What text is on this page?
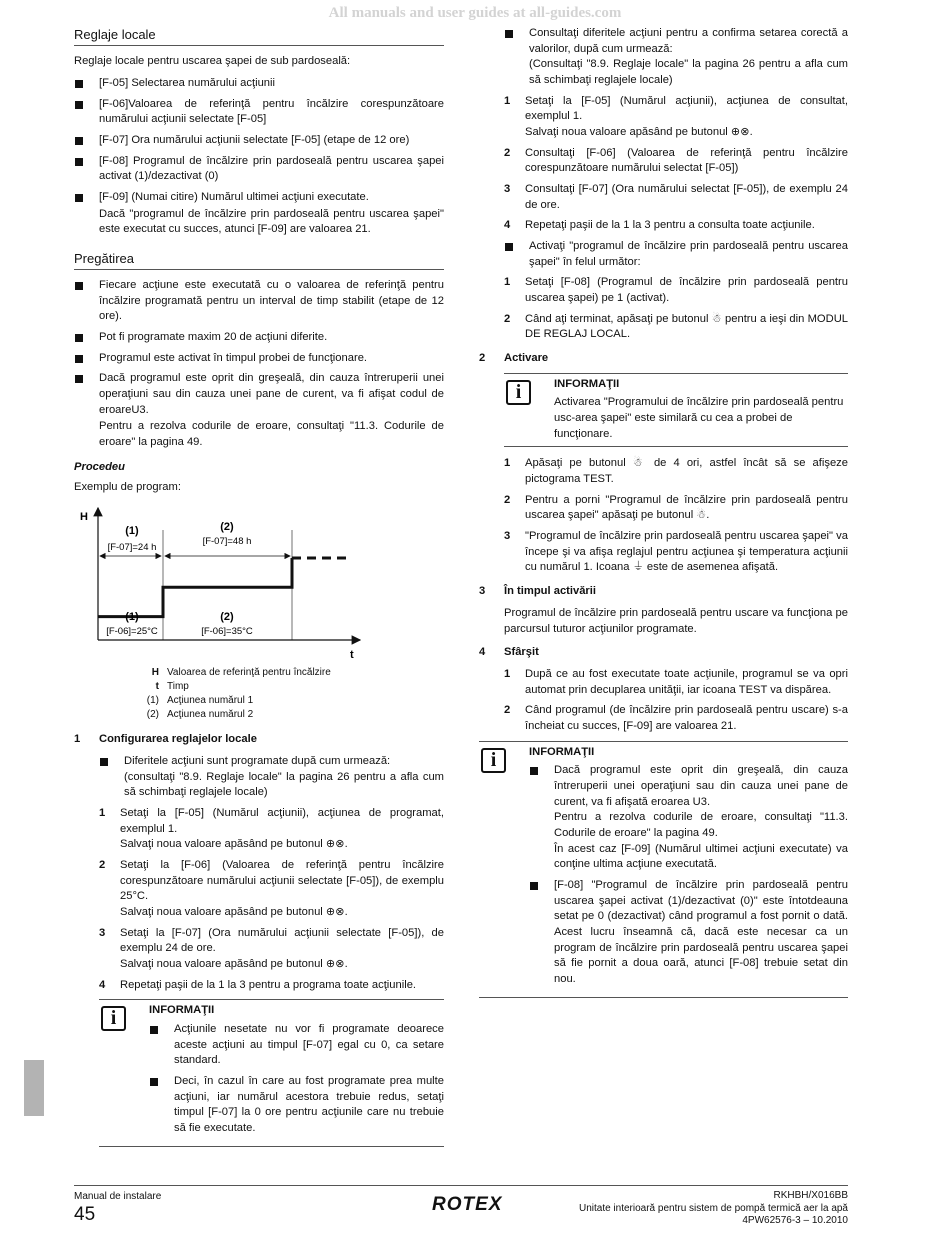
All manuals and user guides at all-guides.com
Reglaje locale
Reglaje locale pentru uscarea şapei de sub pardoseală:
[F-05] Selectarea numărului acţiunii
[F-06]Valoarea de referinţă pentru încălzire corespunzătoare numărului acţiunii selectate [F-05]
[F-07] Ora numărului acţiunii selectate [F-05] (etape de 12 ore)
[F-08] Programul de încălzire prin pardoseală pentru uscarea şapei activat (1)/dezactivat (0)
[F-09] (Numai citire) Numărul ultimei acţiuni executate.
Dacă "programul de încălzire prin pardoseală pentru uscarea şapei" este executat cu succes, atunci [F-09] are valoarea 21.
Pregătirea
Fiecare acţiune este executată cu o valoarea de referinţă pentru încălzire programată pentru un interval de timp stabilit (etape de 12 ore).
Pot fi programate maxim 20 de acţiuni diferite.
Programul este activat în timpul probei de funcţionare.
Dacă programul este oprit din greşeală, din cauza întreruperii unei operaţiuni sau din cauza unei pane de curent, va fi afişat codul de eroareU3.
Pentru a rezolva codurile de eroare, consultaţi "11.3. Codurile de eroare" la pagina 49.
Procedeu
Exemplu de program:
H
t
(1)
[F-07]=24 h
(2)
[F-07]=48 h
(1)
[F-06]=25°C
(2)
[F-06]=35°C
H Valoarea de referinţă pentru încălzire
t Timp
(1) Acţiunea numărul 1
(2) Acţiunea numărul 2
1 Configurarea reglajelor locale
Diferitele acţiuni sunt programate după cum urmează:
(consultaţi "8.9. Reglaje locale" la pagina 26 pentru a afla cum să schimbaţi reglajele locale)
1 Setaţi la [F-05] (Numărul acţiunii), acţiunea de programat, exemplul 1.
Salvaţi noua valoare apăsând pe butonul ⊕⊗.
2 Setaţi la [F-06] (Valoarea de referinţă pentru încălzire corespunzătoare numărului acţiunii selectate [F-05]), de exemplu 25°C.
Salvaţi noua valoare apăsând pe butonul ⊕⊗.
3 Setaţi la [F-07] (Ora numărului acţiunii selectate [F-05]), de exemplu 24 de ore.
Salvaţi noua valoare apăsând pe butonul ⊕⊗.
4 Repetaţi paşii de la 1 la 3 pentru a programa toate acţiunile.
i	INFORMAŢII
Acţiunile nesetate nu vor fi programate deoarece aceste acţiuni au timpul [F-07] egal cu 0, ca setare standard.
Deci, în cazul în care au fost programate prea multe acţiuni, iar numărul acestora trebuie redus, setaţi timpul [F-07] la 0 ore pentru acţiunile care nu trebuie să fie executate.
Consultaţi diferitele acţiuni pentru a confirma setarea corectă a valorilor, după cum urmează:
(Consultaţi "8.9. Reglaje locale" la pagina 26 pentru a afla cum să schimbaţi reglajele locale)
1 Setaţi la [F-05] (Numărul acţiunii), acţiunea de consultat, exemplul 1.
Salvaţi noua valoare apăsând pe butonul ⊕⊗.
2 Consultaţi [F-06] (Valoarea de referinţă pentru încălzire corespunzătoare numărului selectat [F-05])
3 Consultaţi [F-07] (Ora numărului selectat [F-05]), de exemplu 24 de ore.
4 Repetaţi paşii de la 1 la 3 pentru a consulta toate acţiunile.
Activaţi "programul de încălzire prin pardoseală pentru uscarea şapei" în felul următor:
1 Setaţi [F-08] (Programul de încălzire prin pardoseală pentru uscarea şapei) pe 1 (activat).
2 Când aţi terminat, apăsaţi pe butonul ☃ pentru a ieşi din MODUL DE REGLAJ LOCAL.
2 Activare
i	INFORMAŢII
Activarea "Programului de încălzire prin pardoseală pentru usc-area şapei" este similară cu cea a probei de funcţionare.
1 Apăsaţi pe butonul ☃ de 4 ori, astfel încât să se afişeze pictograma TEST.
2 Pentru a porni "Programul de încălzire prin pardoseală pentru uscarea şapei" apăsaţi pe butonul ☃.
3 "Programul de încălzire prin pardoseală pentru uscarea şapei" va începe şi va afişa reglajul pentru acţiunea şi temperatura acţiunii cu numărul 1. Icoana ⏚ este de asemenea afişată.
3 În timpul activării
Programul de încălzire prin pardoseală pentru uscare va funcţiona pe parcursul tuturor acţiunilor programate.
4 Sfârşit
1 După ce au fost executate toate acţiunile, programul se va opri automat prin decuplarea unităţii, iar icoana TEST va dispărea.
2 Când programul (de încălzire prin pardoseală pentru uscare) s-a încheiat cu succes, [F-09] are valoarea 21.
i	INFORMAŢII
Dacă programul este oprit din greşeală, din cauza întreruperii unei operaţiuni sau din cauza unei pane de curent, va fi afişată eroarea U3.
Pentru a rezolva codurile de eroare, consultaţi "11.3. Codurile de eroare" la pagina 49.
În acest caz [F-09] (Numărul ultimei acţiuni executate) va conţine ultima acţiune executată.
[F-08] "Programul de încălzire prin pardoseală pentru uscarea şapei activat (1)/dezactivat (0)" este întotdeauna setat pe 0 (dezactivat) când programul a fost pornit o dată. Acest lucru înseamnă că, dacă este necesar ca un program de încălzire prin pardoseală pentru uscarea şapei să fie pornit a doua oară, atunci [F-08] trebuie setat din nou.
Manual de instalare
45	ROTEX	RKHBH/X016BB
Unitate interioară pentru sistem de pompă termică aer la apă
4PW62576-3 – 10.2010
